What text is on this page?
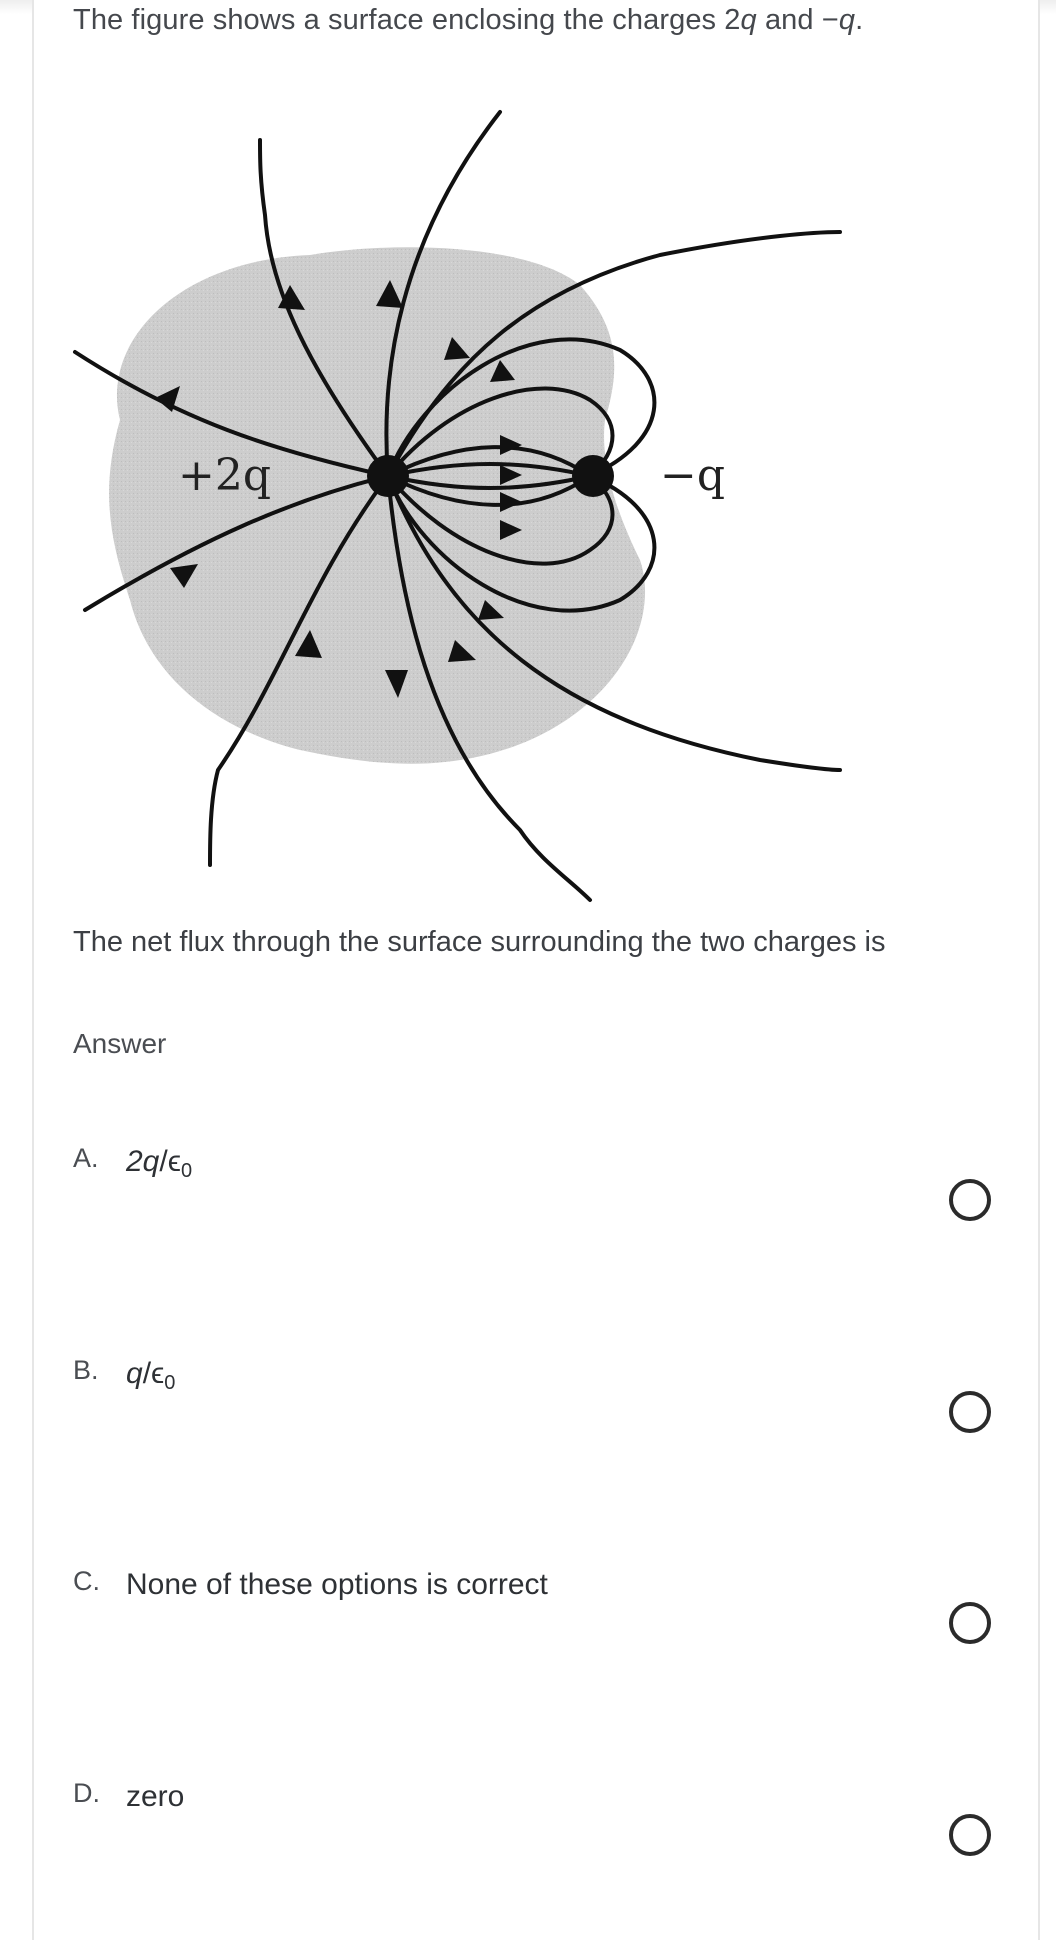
The figure shows a surface enclosing the charges 2q and −q.
+2q	−q
The net flux through the surface surrounding the two charges is
Answer
A. $2q/\epsilon_0$
B. $q/\epsilon_0$
C. None of these options is correct
D. zero
